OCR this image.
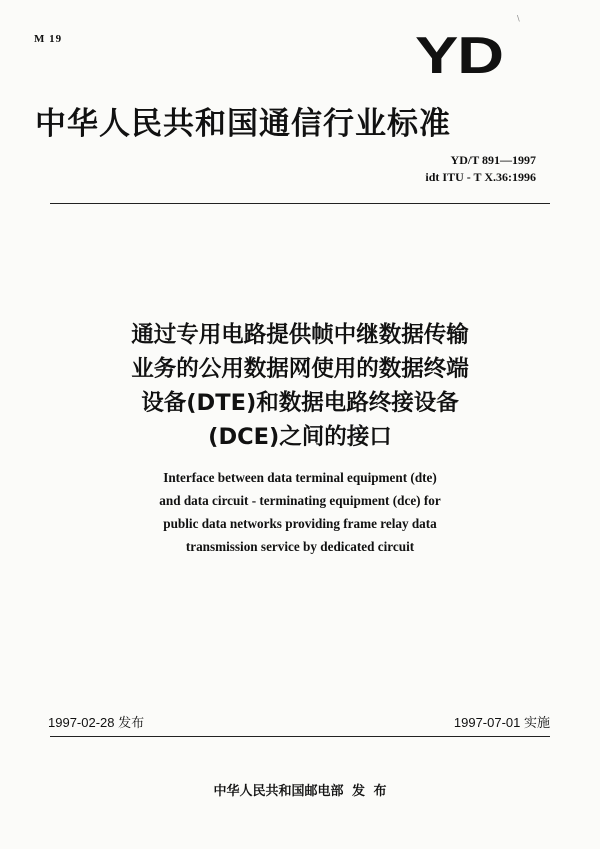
\
M 19	YD
中华人民共和国通信行业标准
YD/T 891—1997
idt ITU - T X.36:1996
通过专用电路提供帧中继数据传输
业务的公用数据网使用的数据终端
设备(DTE)和数据电路终接设备
(DCE)之间的接口
Interface between data terminal equipment (dte)
and data circuit - terminating equipment (dce) for
public data networks providing frame relay data
transmission service by dedicated circuit
1997-02-28 发布	1997-07-01 实施
中华人民共和国邮电部 发 布
